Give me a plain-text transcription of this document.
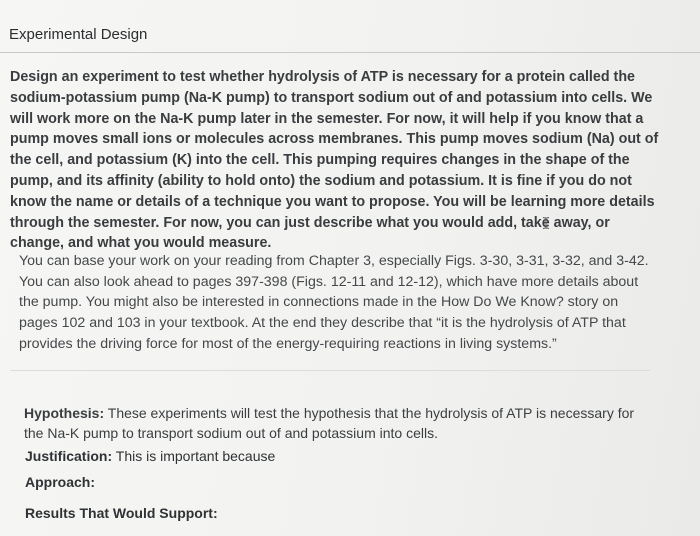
Experimental Design
Design an experiment to test whether hydrolysis of ATP is necessary for a protein called the sodium-potassium pump (Na-K pump) to transport sodium out of and potassium into cells. We will work more on the Na-K pump later in the semester. For now, it will help if you know that a pump moves small ions or molecules across membranes. This pump moves sodium (Na) out of the cell, and potassium (K) into the cell. This pumping requires changes in the shape of the pump, and its affinity (ability to hold onto) the sodium and potassium. It is fine if you do not know the name or details of a technique you want to propose. You will be learning more details through the semester. For now, you can just describe what you would add, take away, or change, and what you would measure.
You can base your work on your reading from Chapter 3, especially Figs. 3-30, 3-31, 3-32, and 3-42. You can also look ahead to pages 397-398 (Figs. 12-11 and 12-12), which have more details about the pump. You might also be interested in connections made in the How Do We Know? story on pages 102 and 103 in your textbook. At the end they describe that “it is the hydrolysis of ATP that provides the driving force for most of the energy-requiring reactions in living systems.”
Hypothesis: These experiments will test the hypothesis that the hydrolysis of ATP is necessary for the Na-K pump to transport sodium out of and potassium into cells.
Justification: This is important because
Approach:
Results That Would Support:
